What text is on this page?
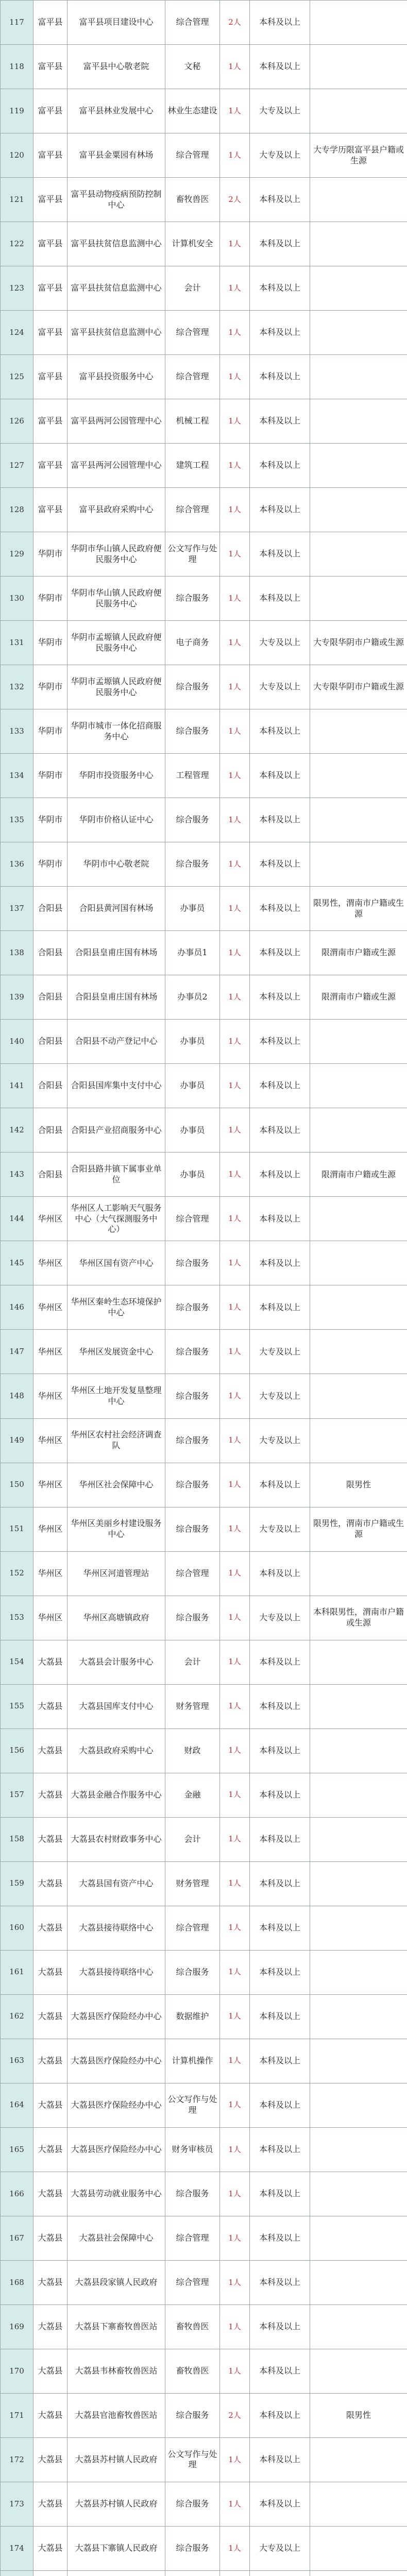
117	富平县	富平县项目建设中心	综合管理	2人	本科及以上	
118	富平县	富平县中心敬老院	文秘	1人	本科及以上	
119	富平县	富平县林业发展中心	林业生态建设	1人	大专及以上	
120	富平县	富平县金粟园有林场	综合管理	1人	大专及以上	大专学历限富平县户籍或生源
121	富平县	富平县动物疫病预防控制中心	畜牧兽医	2人	本科及以上	
122	富平县	富平县扶贫信息监测中心	计算机安全	1人	本科及以上	
123	富平县	富平县扶贫信息监测中心	会计	1人	本科及以上	
124	富平县	富平县扶贫信息监测中心	综合管理	1人	本科及以上	
125	富平县	富平县投资服务中心	综合管理	1人	本科及以上	
126	富平县	富平县两河公园管理中心	机械工程	1人	本科及以上	
127	富平县	富平县两河公园管理中心	建筑工程	1人	本科及以上	
128	富平县	富平县政府采购中心	综合管理	1人	本科及以上	
129	华阴市	华阴市华山镇人民政府便民服务中心	公文写作与处理	1人	本科及以上	
130	华阴市	华阴市华山镇人民政府便民服务中心	综合服务	1人	本科及以上	
131	华阴市	华阴市孟塬镇人民政府便民服务中心	电子商务	1人	大专及以上	大专限华阴市户籍或生源
132	华阴市	华阴市孟塬镇人民政府便民服务中心	综合服务	1人	大专及以上	大专限华阴市户籍或生源
133	华阴市	华阴市城市一体化招商服务中心	综合服务	1人	本科及以上	
134	华阴市	华阴市投资服务中心	工程管理	1人	本科及以上	
135	华阴市	华阴市价格认证中心	综合服务	1人	本科及以上	
136	华阴市	华阴市中心敬老院	综合服务	1人	本科及以上	
137	合阳县	合阳县黄河国有林场	办事员	1人	本科及以上	限男性，渭南市户籍或生源
138	合阳县	合阳县皇甫庄国有林场	办事员1	1人	本科及以上	限渭南市户籍或生源
139	合阳县	合阳县皇甫庄国有林场	办事员2	1人	本科及以上	限渭南市户籍或生源
140	合阳县	合阳县不动产登记中心	办事员	1人	本科及以上	
141	合阳县	合阳县国库集中支付中心	办事员	1人	本科及以上	
142	合阳县	合阳县产业招商服务中心	办事员	1人	本科及以上	
143	合阳县	合阳县路井镇下属事业单位	办事员	1人	本科及以上	限渭南市户籍或生源
144	华州区	华州区人工影响天气服务中心（大气探测服务中心）	综合管理	1人	本科及以上	
145	华州区	华州区国有资产中心	综合服务	1人	本科及以上	
146	华州区	华州区秦岭生态环境保护中心	综合服务	1人	本科及以上	
147	华州区	华州区发展资金中心	综合服务	1人	大专及以上	
148	华州区	华州区土地开发复垦整理中心	综合服务	1人	大专及以上	
149	华州区	华州区农村社会经济调查队	综合服务	1人	大专及以上	
150	华州区	华州区社会保障中心	综合服务	1人	本科及以上	限男性
151	华州区	华州区美丽乡村建设服务中心	综合服务	1人	大专及以上	限男性，渭南市户籍或生源
152	华州区	华州区河道管理站	综合管理	1人	本科及以上	
153	华州区	华州区高塘镇政府	综合服务	1人	大专及以上	本科限男性，渭南市户籍或生源
154	大荔县	大荔县会计服务中心	会计	1人	本科及以上	
155	大荔县	大荔县国库支付中心	财务管理	1人	本科及以上	
156	大荔县	大荔县政府采购中心	财政	1人	本科及以上	
157	大荔县	大荔县金融合作服务中心	金融	1人	本科及以上	
158	大荔县	大荔县农村财政事务中心	会计	1人	本科及以上	
159	大荔县	大荔县国有资产中心	财务管理	1人	本科及以上	
160	大荔县	大荔县接待联络中心	综合管理	1人	本科及以上	
161	大荔县	大荔县接待联络中心	综合服务	1人	本科及以上	
162	大荔县	大荔县医疗保险经办中心	数据维护	1人	本科及以上	
163	大荔县	大荔县医疗保险经办中心	计算机操作	1人	本科及以上	
164	大荔县	大荔县医疗保险经办中心	公文写作与处理	1人	本科及以上	
165	大荔县	大荔县医疗保险经办中心	财务审核员	1人	本科及以上	
166	大荔县	大荔县劳动就业服务中心	综合服务	1人	本科及以上	
167	大荔县	大荔县社会保障中心	综合管理	1人	本科及以上	
168	大荔县	大荔县段家镇人民政府	综合管理	1人	本科及以上	
169	大荔县	大荔县下寨畜牧兽医站	畜牧兽医	1人	本科及以上	
170	大荔县	大荔县韦林畜牧兽医站	畜牧兽医	1人	本科及以上	
171	大荔县	大荔县官池畜牧兽医站	综合服务	2人	本科及以上	限男性
172	大荔县	大荔县苏村镇人民政府	公文写作与处理	1人	本科及以上	
173	大荔县	大荔县苏村镇人民政府	综合服务	1人	本科及以上	
174	大荔县	大荔县下寨镇人民政府	综合服务	1人	大专及以上	
